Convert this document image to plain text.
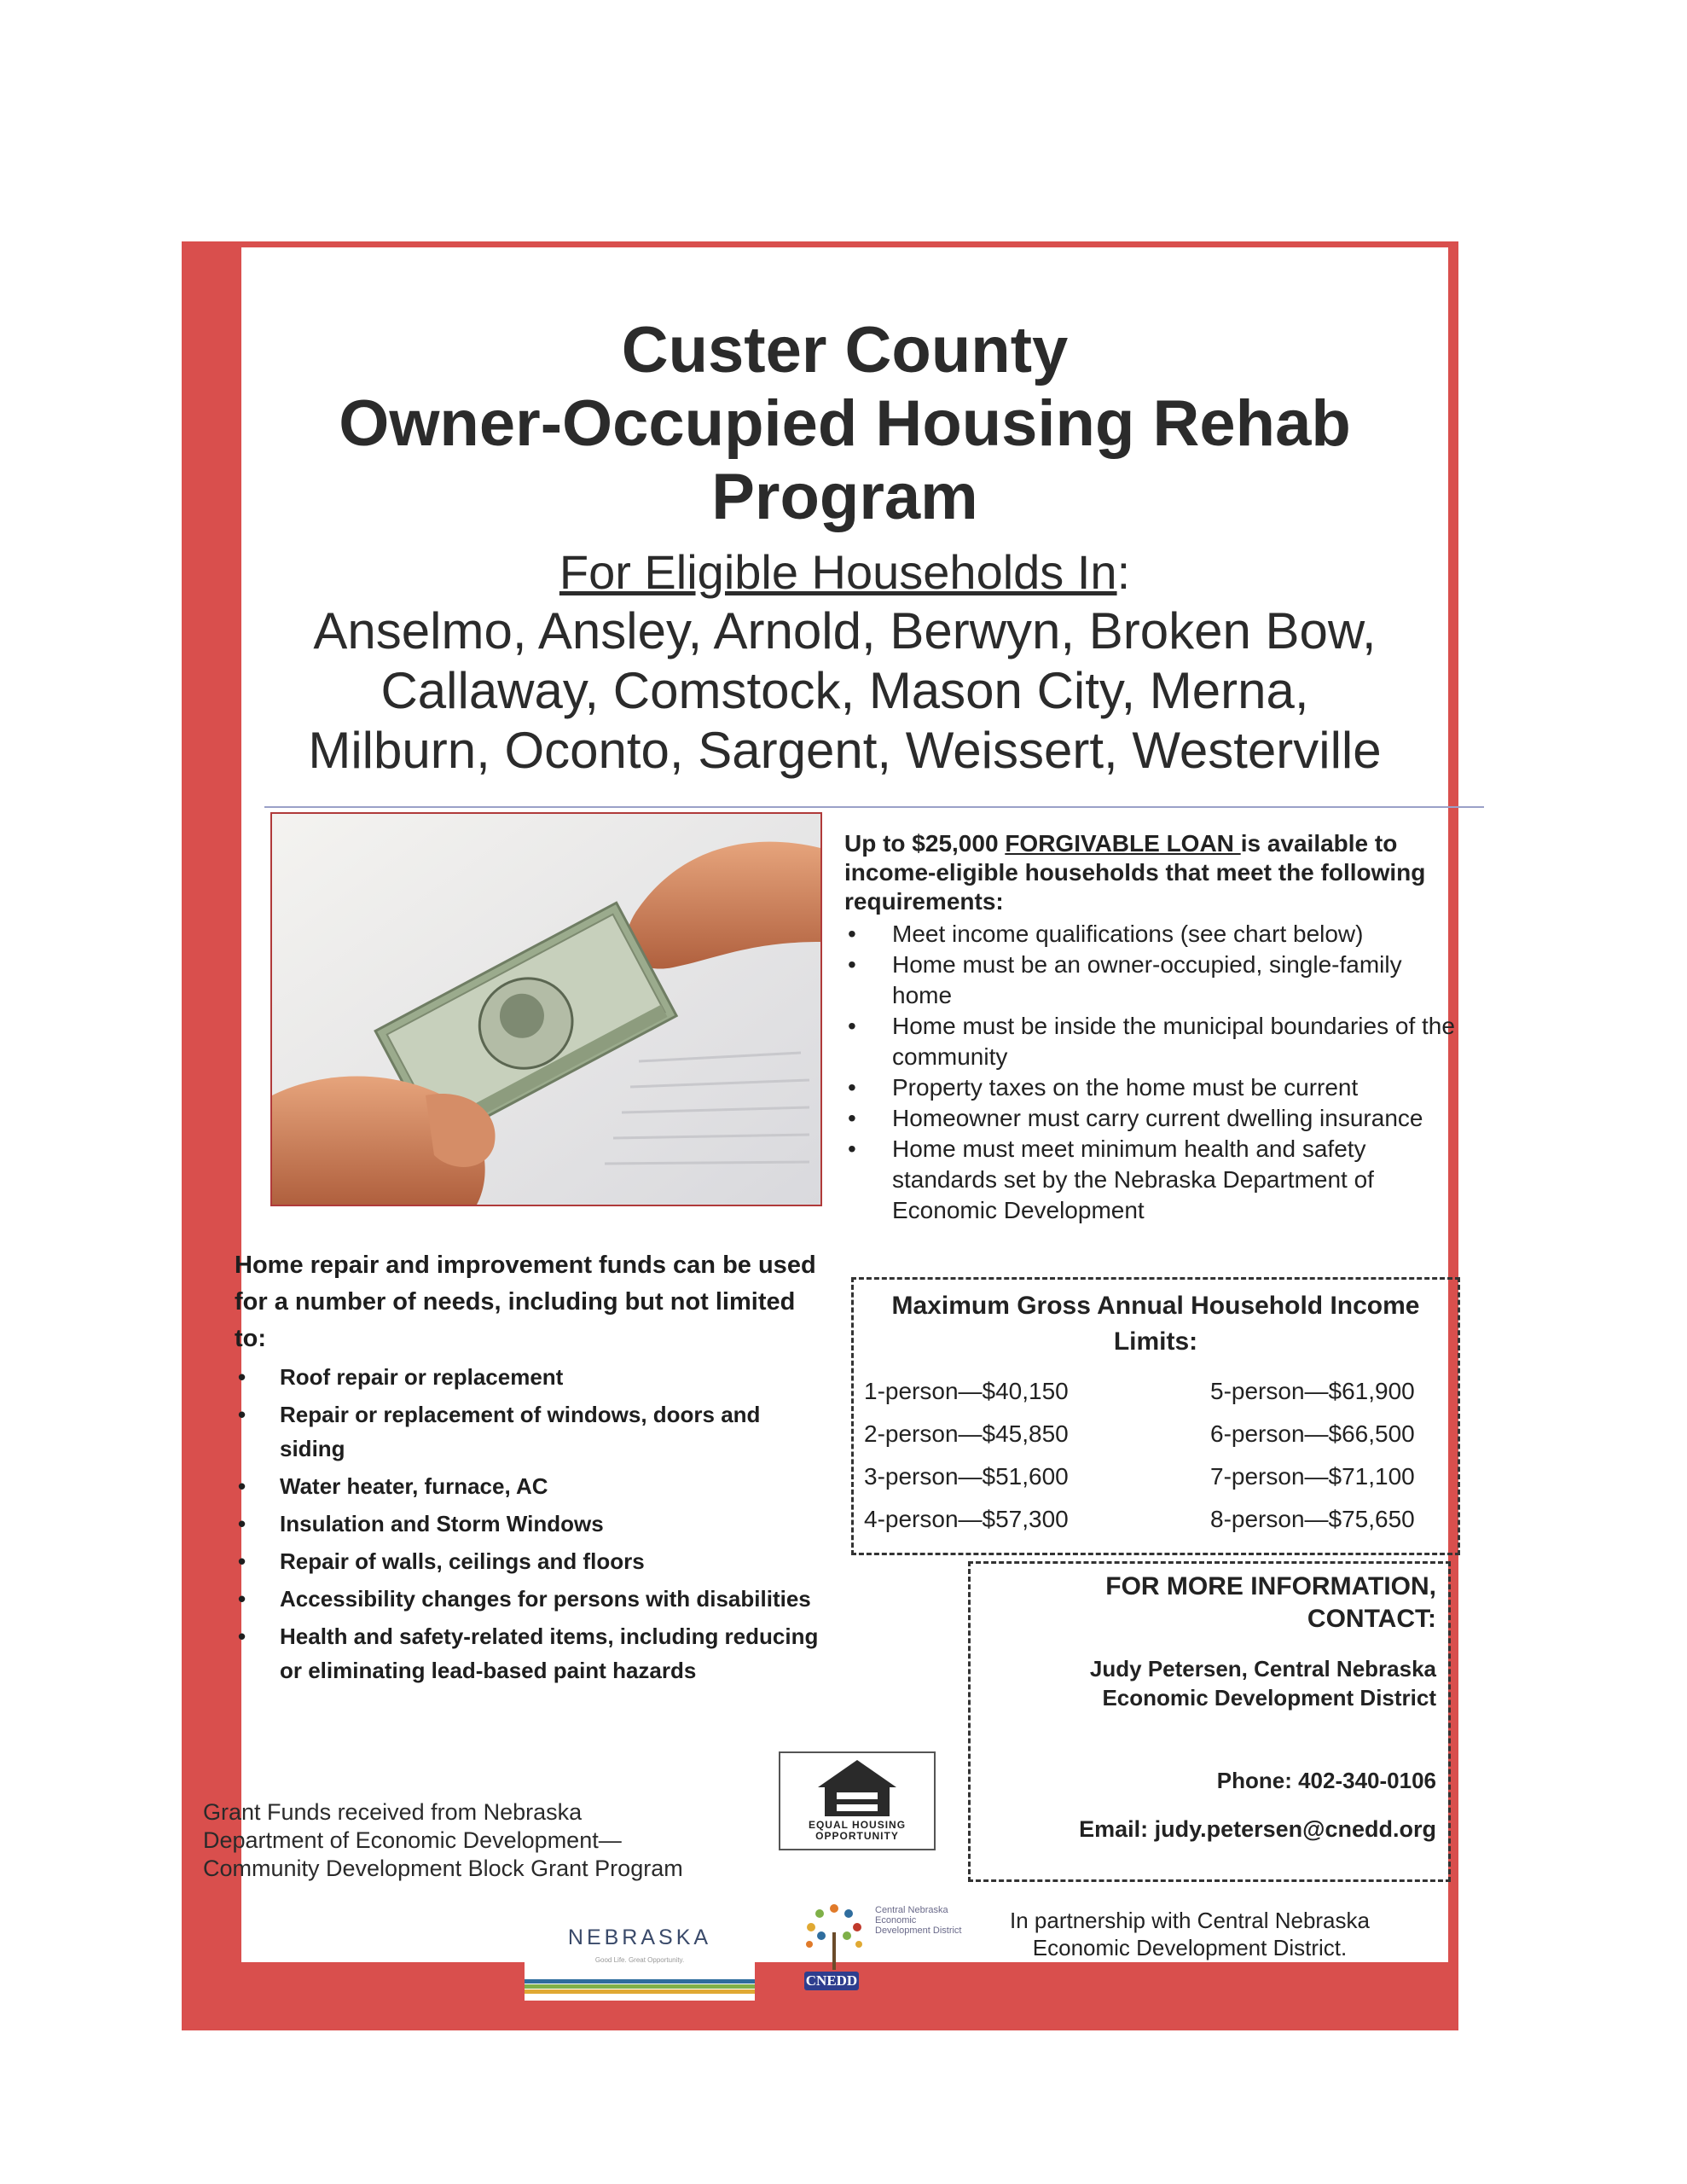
Custer County
Owner-Occupied Housing Rehab
Program
For Eligible Households In:
Anselmo, Ansley, Arnold, Berwyn, Broken Bow,
Callaway, Comstock, Mason City, Merna,
Milburn, Oconto, Sargent, Weissert, Westerville
Up to $25,000 FORGIVABLE LOAN is available to income-eligible households that meet the following requirements:
• Meet income qualifications (see chart below)
• Home must be an owner-occupied, single-family home
• Home must be inside the municipal boundaries of the community
• Property taxes on the home must be current
• Homeowner must carry current dwelling insurance
• Home must meet minimum health and safety standards set by the Nebraska Department of Economic Development
Home repair and improvement funds can be used for a number of needs, including but not limited to:
• Roof repair or replacement
• Repair or replacement of windows, doors and siding
• Water heater, furnace, AC
• Insulation and Storm Windows
• Repair of walls, ceilings and floors
• Accessibility changes for persons with disabilities
• Health and safety-related items, including reducing or eliminating lead-based paint hazards
Maximum Gross Annual Household Income
Limits:
1-person—$40,150	5-person—$61,900
2-person—$45,850	6-person—$66,500
3-person—$51,600	7-person—$71,100
4-person—$57,300	8-person—$75,650
FOR MORE INFORMATION,
CONTACT:
Judy Petersen, Central Nebraska
Economic Development District
Phone: 402-340-0106
Email: judy.petersen@cnedd.org
Grant Funds received from Nebraska
Department of Economic Development—
Community Development Block Grant Program
EQUAL HOUSING
OPPORTUNITY
NEBRASKA
Good Life. Great Opportunity.
Central Nebraska Economic Development District
CNEDD
In partnership with Central Nebraska
Economic Development District.
